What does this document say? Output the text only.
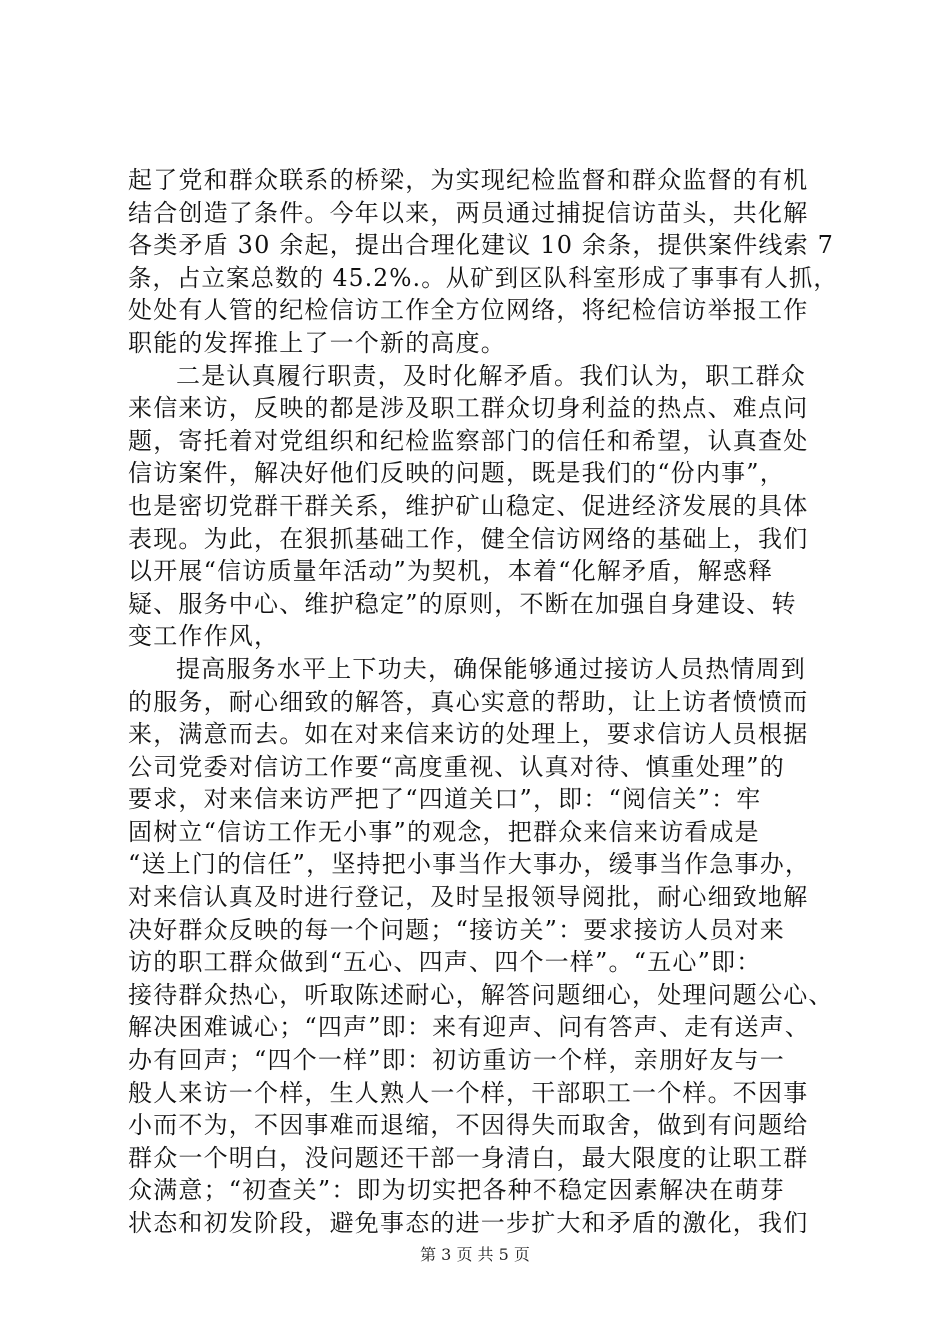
起了党和群众联系的桥梁，为实现纪检监督和群众监督的有机
结合创造了条件。今年以来，两员通过捕捉信访苗头，共化解
各类矛盾 30 余起，提出合理化建议 10 余条，提供案件线索 7
条，占立案总数的 45.2%.。从矿到区队科室形成了事事有人抓，
处处有人管的纪检信访工作全方位网络，将纪检信访举报工作
职能的发挥推上了一个新的高度。
二是认真履行职责，及时化解矛盾。我们认为，职工群众
来信来访，反映的都是涉及职工群众切身利益的热点、难点问
题，寄托着对党组织和纪检监察部门的信任和希望，认真查处
信访案件，解决好他们反映的问题，既是我们的“份内事”，
也是密切党群干群关系，维护矿山稳定、促进经济发展的具体
表现。为此，在狠抓基础工作，健全信访网络的基础上，我们
以开展“信访质量年活动”为契机，本着“化解矛盾，解惑释
疑、服务中心、维护稳定”的原则，不断在加强自身建设、转
变工作作风，
提高服务水平上下功夫，确保能够通过接访人员热情周到
的服务，耐心细致的解答，真心实意的帮助，让上访者愤愤而
来，满意而去。如在对来信来访的处理上，要求信访人员根据
公司党委对信访工作要“高度重视、认真对待、慎重处理”的
要求，对来信来访严把了“四道关口”，即：“阅信关”：牢
固树立“信访工作无小事”的观念，把群众来信来访看成是
“送上门的信任”，坚持把小事当作大事办，缓事当作急事办，
对来信认真及时进行登记，及时呈报领导阅批，耐心细致地解
决好群众反映的每一个问题；“接访关”：要求接访人员对来
访的职工群众做到“五心、四声、四个一样”。“五心”即：
接待群众热心，听取陈述耐心，解答问题细心，处理问题公心、
解决困难诚心；“四声”即：来有迎声、问有答声、走有送声、
办有回声；“四个一样”即：初访重访一个样，亲朋好友与一
般人来访一个样，生人熟人一个样，干部职工一个样。不因事
小而不为，不因事难而退缩，不因得失而取舍，做到有问题给
群众一个明白，没问题还干部一身清白，最大限度的让职工群
众满意；“初查关”：即为切实把各种不稳定因素解决在萌芽
状态和初发阶段，避免事态的进一步扩大和矛盾的激化，我们
第 3 页 共 5 页
